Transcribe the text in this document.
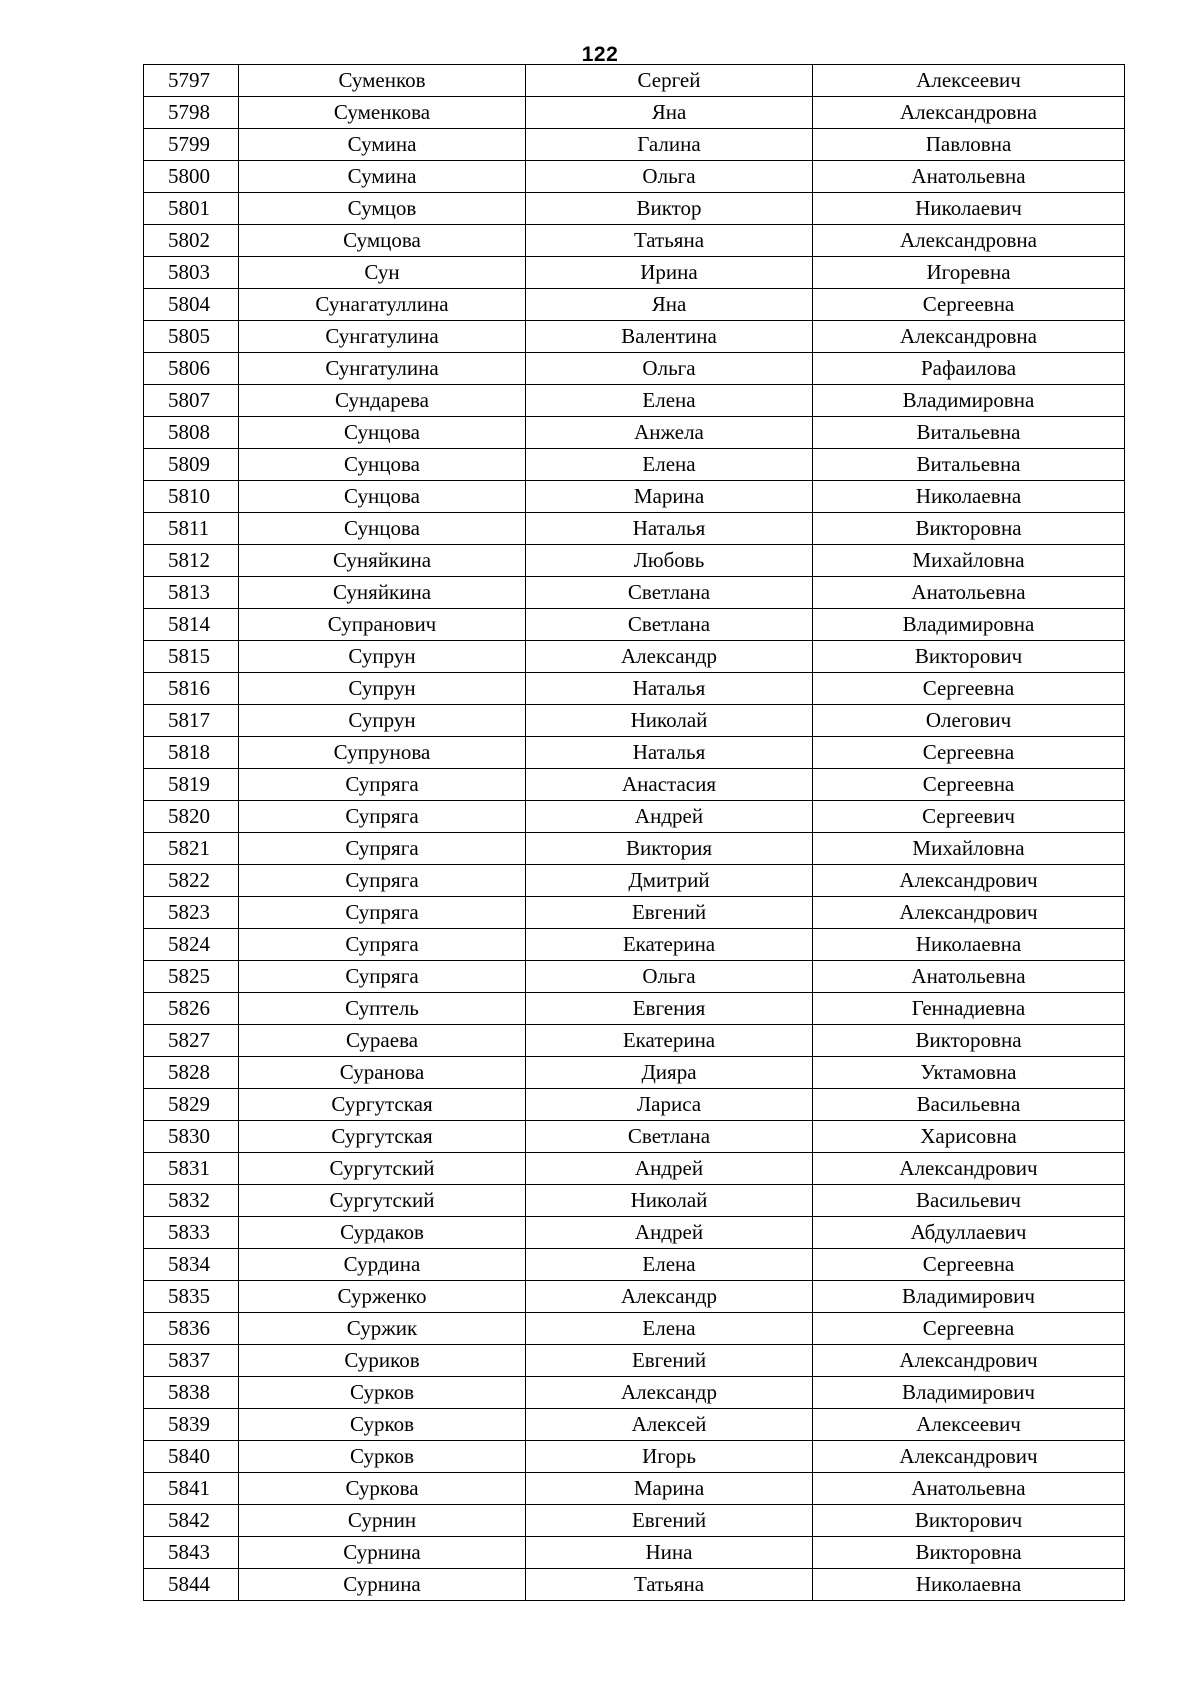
122
5797	Суменков	Сергей	Алексеевич
5798	Суменкова	Яна	Александровна
5799	Сумина	Галина	Павловна
5800	Сумина	Ольга	Анатольевна
5801	Сумцов	Виктор	Николаевич
5802	Сумцова	Татьяна	Александровна
5803	Сун	Ирина	Игоревна
5804	Сунагатуллина	Яна	Сергеевна
5805	Сунгатулина	Валентина	Александровна
5806	Сунгатулина	Ольга	Рафаилова
5807	Сундарева	Елена	Владимировна
5808	Сунцова	Анжела	Витальевна
5809	Сунцова	Елена	Витальевна
5810	Сунцова	Марина	Николаевна
5811	Сунцова	Наталья	Викторовна
5812	Суняйкина	Любовь	Михайловна
5813	Суняйкина	Светлана	Анатольевна
5814	Супранович	Светлана	Владимировна
5815	Супрун	Александр	Викторович
5816	Супрун	Наталья	Сергеевна
5817	Супрун	Николай	Олегович
5818	Супрунова	Наталья	Сергеевна
5819	Супряга	Анастасия	Сергеевна
5820	Супряга	Андрей	Сергеевич
5821	Супряга	Виктория	Михайловна
5822	Супряга	Дмитрий	Александрович
5823	Супряга	Евгений	Александрович
5824	Супряга	Екатерина	Николаевна
5825	Супряга	Ольга	Анатольевна
5826	Суптель	Евгения	Геннадиевна
5827	Сураева	Екатерина	Викторовна
5828	Суранова	Дияра	Уктамовна
5829	Сургутская	Лариса	Васильевна
5830	Сургутская	Светлана	Харисовна
5831	Сургутский	Андрей	Александрович
5832	Сургутский	Николай	Васильевич
5833	Сурдаков	Андрей	Абдуллаевич
5834	Сурдина	Елена	Сергеевна
5835	Сурженко	Александр	Владимирович
5836	Суржик	Елена	Сергеевна
5837	Суриков	Евгений	Александрович
5838	Сурков	Александр	Владимирович
5839	Сурков	Алексей	Алексеевич
5840	Сурков	Игорь	Александрович
5841	Суркова	Марина	Анатольевна
5842	Сурнин	Евгений	Викторович
5843	Сурнина	Нина	Викторовна
5844	Сурнина	Татьяна	Николаевна
